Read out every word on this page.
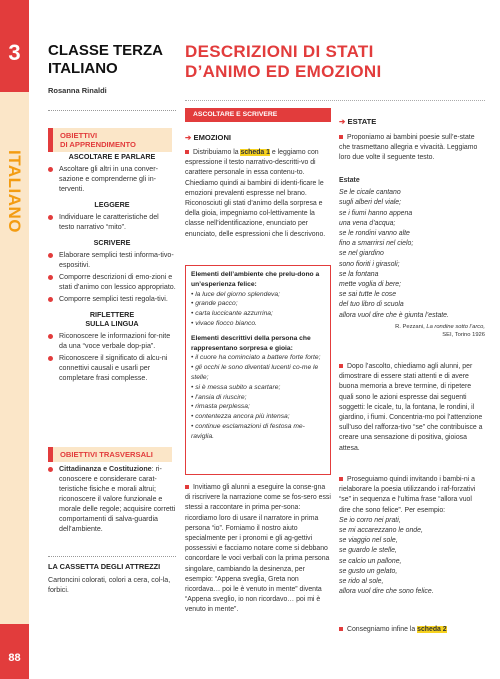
3
ITALIANO
88
CLASSE TERZA
ITALIANO
Rosanna Rinaldi
OBIETTIVI
DI APPRENDIMENTO
ASCOLTARE E PARLARE
Ascoltare gli altri in una conver-sazione e comprenderne gli in-terventi.
LEGGERE
Individuare le caratteristiche del testo narrativo “mito”.
SCRIVERE
Elaborare semplici testi informa-tivo-espositivi.
Comporre descrizioni di emo-zioni e stati d’animo con lessico appropriato.
Comporre semplici testi regola-tivi.
RIFLETTERE
SULLA LINGUA
Riconoscere le informazioni for-nite da una “voce verbale dop-pia”.
Riconoscere il significato di alcu-ni connettivi causali e usarli per completare frasi complesse.
OBIETTIVI TRASVERSALI
Cittadinanza e Costituzione: ri-conoscere e considerare carat-teristiche fisiche e morali altrui; riconoscere il valore funzionale e morale delle regole; acquisire corretti comportamenti di salva-guardia dell’ambiente.
LA CASSETTA DEGLI ATTREZZI
Cartoncini colorati, colori a cera, col-la, forbici.
DESCRIZIONI DI STATI
D’ANIMO ED EMOZIONI
ASCOLTARE E SCRIVERE
➔ EMOZIONI

Distribuiamo la scheda 1 e leggiamo con espressione il testo narrativo-descritti-vo di carattere personale in essa contenu-to. Chiediamo quindi ai bambini di identi-ficare le emozioni prevalenti espresse nel brano. Riconosciuti gli stati d’animo della sorpresa e della gioia, impegniamo col-lettivamente la classe nell’identificazione, enunciato per enunciato, delle espressioni che li descrivono.

Elementi dell’ambiente che prelu-dono a un’esperienza felice:
• la luce del giorno splendeva;
• grande pacco;
• carta luccicante azzurrina;
• vivace fiocco bianco.
Elementi descrittivi della persona che rappresentano sorpresa e gioia:
• il cuore ha cominciato a battere forte forte;
• gli occhi le sono diventati lucenti co-me le stelle;
• si è messa subito a scartare;
• l’ansia di riuscire;
• rimasta perplessa;
• contentezza ancora più intensa;
• continue esclamazioni di festosa me-raviglia.

Invitiamo gli alunni a eseguire la conse-gna di riscrivere la narrazione come se fos-sero essi stessi a raccontare in prima per-sona: ricordiamo loro di usare il narratore in prima persona “io”. Forniamo il nostro aiuto specialmente per i pronomi e gli ag-gettivi possessivi e facciamo notare come si debbano concordare le voci verbali con la prima persona singolare, cambiando la desinenza, per esempio: “Appena sveglia, Greta non ricordava… poi le è venuto in mente” diventa “Appena sveglio, io non ricordavo… poi mi è venuto in mente”.

➔ ESTATE

Proponiamo ai bambini poesie sull’e-state che trasmettano allegria e vivacità. Leggiamo loro due volte il seguente testo.

Estate
Se le cicale cantano
sugli alberi del viale;
se i fiumi hanno appena
una vena d’acqua;
se le rondini vanno alte
fino a smarrirsi nel cielo;
se nel giardino
sono fioriti i girasoli;
se la fontana
mette voglia di bere;
se sai tutte le cose
del tuo libro di scuola
allora vuol dire che è giunta l’estate.
R. Pezzani, La rondine sotto l’arco,
SEI, Torino 1926

Dopo l’ascolto, chiediamo agli alunni, per dimostrare di essere stati attenti e di avere buona memoria a breve termine, di ripetere quali sono le azioni espresse dai seguenti soggetti: le cicale, tu, la fontana, le rondini, il giardino, i fiumi. Concentria-mo poi l’attenzione sull’uso del rafforza-tivo “se” che contribuisce a creare una sensazione di positiva, gioiosa attesa.

Proseguiamo quindi invitando i bambi-ni a rielaborare la poesia utilizzando i raf-forzativi “se” in sequenza e l’ultima frase “allora vuol dire che sono felice”. Per esempio:

Se io corro nei prati,
se mi accarezzano le onde,
se viaggio nel sole,
se guardo le stelle,
se calcio un pallone,
se gusto un gelato,
se rido al sole,
allora vuol dire che sono felice.

Consegniamo infine la scheda 2
